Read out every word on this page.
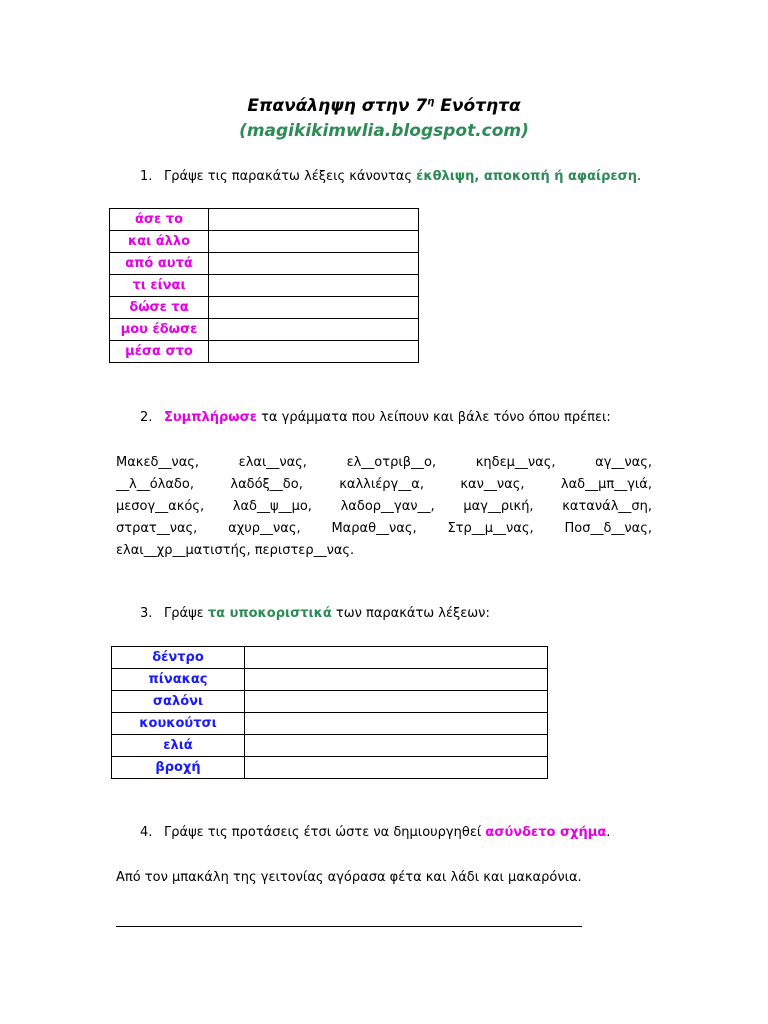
Επανάληψη στην $7^\eta$ Ενότητα
(magikikimwlia.blogspot.com)
1. Γράψε τις παρακάτω λέξεις κάνοντας έκθλιψη, αποκοπή ή αφαίρεση.
άσε το	
και άλλο	
από αυτά	
τι είναι	
δώσε τα	
μου έδωσε	
μέσα στο	
2. Συμπλήρωσε τα γράμματα που λείπουν και βάλε τόνο όπου πρέπει:
Μακεδ__νας, ελαι__νας, ελ__οτριβ__ο, κηδεμ__νας, αγ__νας,
__λ__όλαδο, λαδόξ__δο, καλλιέργ__α, καν__νας, λαδ__μπ__γιά,
μεσογ__ακός, λαδ__ψ__μο, λαδορ__γαν__, μαγ__ρική, κατανάλ__ση,
στρατ__νας, αχυρ__νας, Μαραθ__νας, Στρ__μ__νας, Ποσ__δ__νας,
ελαι__χρ__ματιστής, περιστερ__νας.
3. Γράψε τα υποκοριστικά των παρακάτω λέξεων:
δέντρο	
πίνακας	
σαλόνι	
κουκούτσι	
ελιά	
βροχή	
4. Γράψε τις προτάσεις έτσι ώστε να δημιουργηθεί ασύνδετο σχήμα.
Από τον μπακάλη της γειτονίας αγόρασα φέτα και λάδι και μακαρόνια.
